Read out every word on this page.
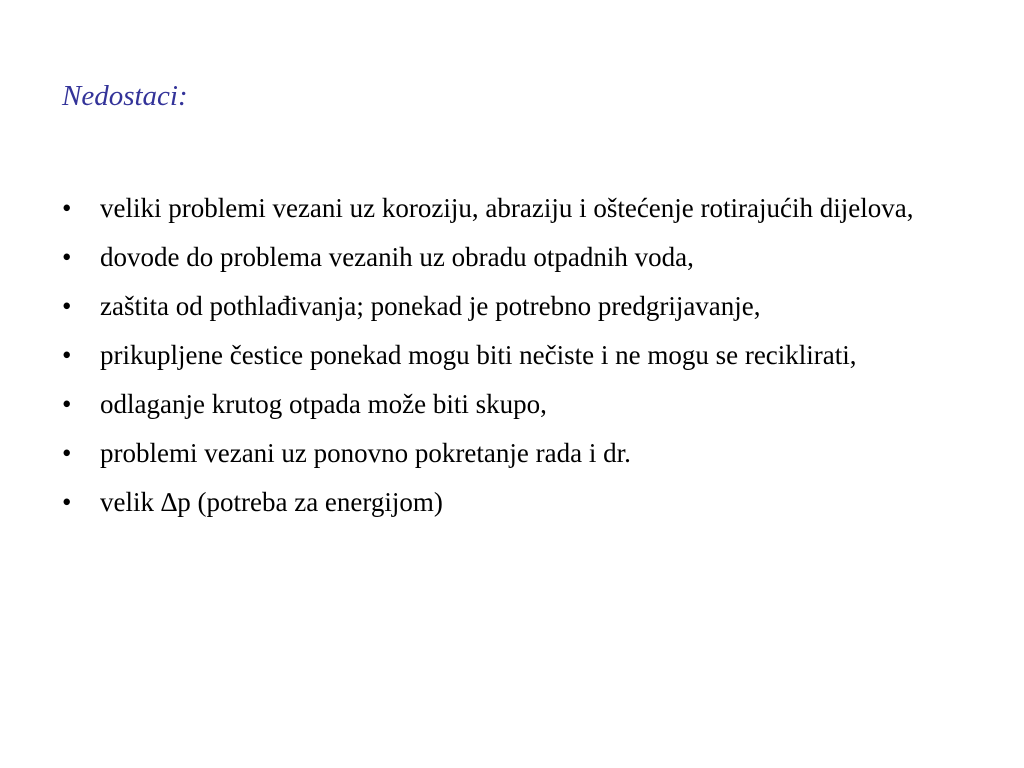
Nedostaci:
•	veliki problemi vezani uz koroziju, abraziju i oštećenje rotirajućih dijelova,
•	dovode do problema vezanih uz obradu otpadnih voda,
•	zaštita od pothlađivanja; ponekad je potrebno predgrijavanje,
•	prikupljene čestice ponekad mogu biti nečiste i ne mogu se reciklirati,
•	odlaganje krutog otpada može biti skupo,
•	problemi vezani uz ponovno pokretanje rada i dr.
•	velik ∆p (potreba za energijom)
